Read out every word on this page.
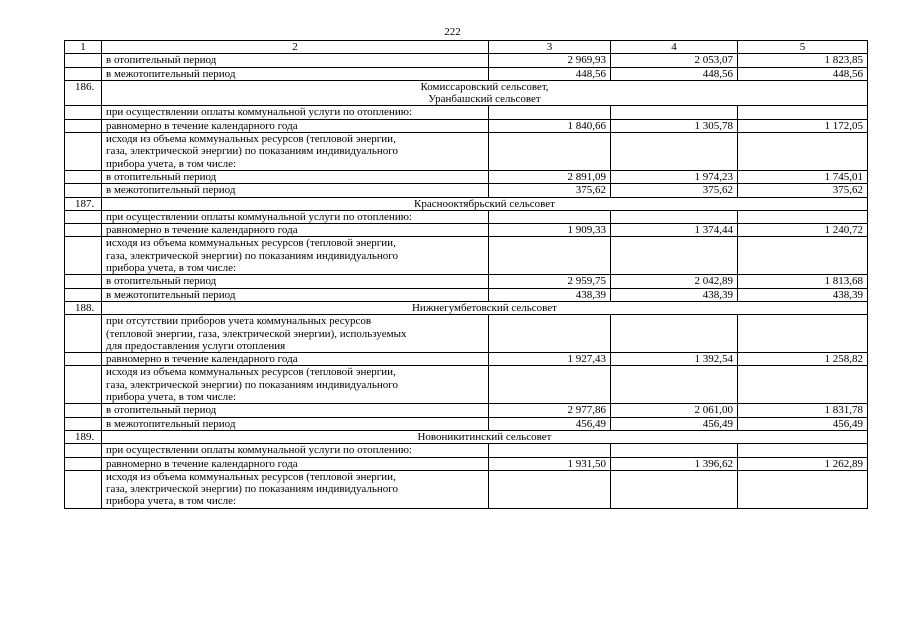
222
1	2	3	4	5
	в отопительный период	2 969,93	2 053,07	1 823,85
	в межотопительный период	448,56	448,56	448,56
186.	Комиссаровский сельсовет,
Уранбашский сельсовет			

	при осуществлении оплаты коммунальной услуги по отоплению:			

	равномерно в течение календарного года	1 840,66	1 305,78	1 172,05

	исходя из объема коммунальных ресурсов (тепловой энергии,
газа, электрической энергии) по показаниям индивидуального
прибора учета, в том числе:			

	в отопительный период	2 891,09	1 974,23	1 745,01
	в межотопительный период	375,62	375,62	375,62
187.	Краснооктябрьский сельсовет			

	при осуществлении оплаты коммунальной услуги по отоплению:			

	равномерно в течение календарного года	1 909,33	1 374,44	1 240,72

	исходя из объема коммунальных ресурсов (тепловой энергии,
газа, электрической энергии) по показаниям индивидуального
прибора учета, в том числе:			

	в отопительный период	2 959,75	2 042,89	1 813,68
	в межотопительный период	438,39	438,39	438,39
188.	Нижнегумбетовский сельсовет			

	при отсутствии приборов учета коммунальных ресурсов
(тепловой энергии, газа, электрической энергии), используемых
для предоставления услуги отопления			

	равномерно в течение календарного года	1 927,43	1 392,54	1 258,82

	исходя из объема коммунальных ресурсов (тепловой энергии,
газа, электрической энергии) по показаниям индивидуального
прибора учета, в том числе:			

	в отопительный период	2 977,86	2 061,00	1 831,78
	в межотопительный период	456,49	456,49	456,49
189.	Новоникитинский сельсовет			

	при осуществлении оплаты коммунальной услуги по отоплению:			

	равномерно в течение календарного года	1 931,50	1 396,62	1 262,89

	исходя из объема коммунальных ресурсов (тепловой энергии,
газа, электрической энергии) по показаниям индивидуального
прибора учета, в том числе:			
